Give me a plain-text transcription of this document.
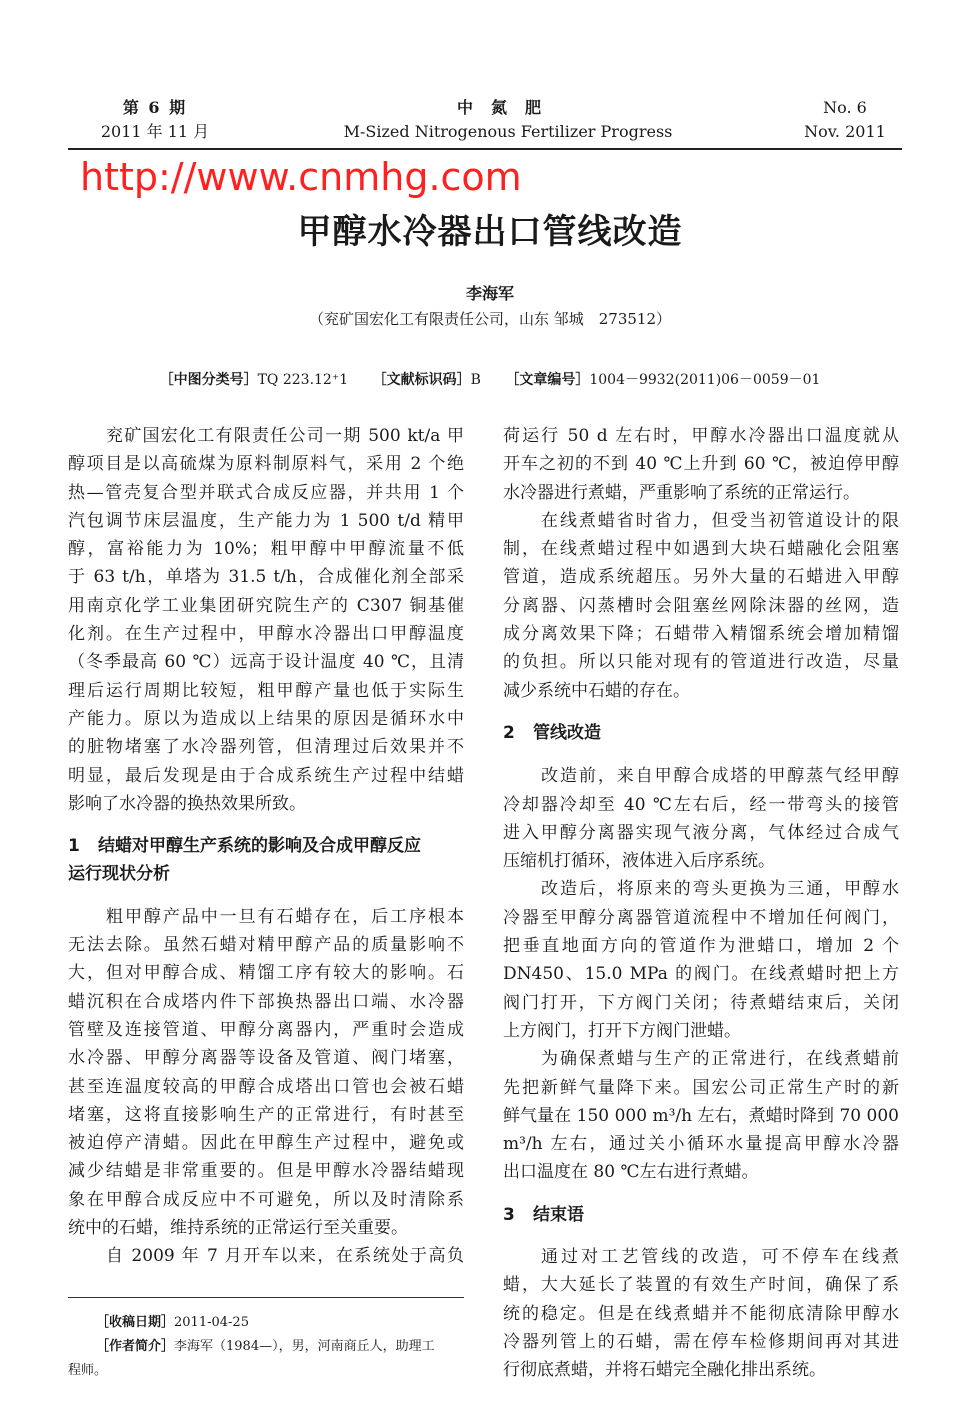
第 6 期
2011 年 11 月
中氮肥
M-Sized Nitrogenous Fertilizer Progress
No. 6
Nov. 2011
http://www.cnmhg.com
甲醇水冷器出口管线改造
李海军
（兖矿国宏化工有限责任公司，山东 邹城　273512）
［中图分类号］TQ 223.12⁺1 ［文献标识码］B ［文章编号］1004－9932(2011)06－0059－01
兖矿国宏化工有限责任公司一期 500 kt/a 甲
醇项目是以高硫煤为原料制原料气，采用 2 个绝
热—管壳复合型并联式合成反应器，并共用 1 个
汽包调节床层温度，生产能力为 1 500 t/d 精甲
醇，富裕能力为 10%；粗甲醇中甲醇流量不低
于 63 t/h，单塔为 31.5 t/h，合成催化剂全部采
用南京化学工业集团研究院生产的 C307 铜基催
化剂。在生产过程中，甲醇水冷器出口甲醇温度
（冬季最高 60 ℃）远高于设计温度 40 ℃，且清
理后运行周期比较短，粗甲醇产量也低于实际生
产能力。原以为造成以上结果的原因是循环水中
的脏物堵塞了水冷器列管，但清理过后效果并不
明显，最后发现是由于合成系统生产过程中结蜡
影响了水冷器的换热效果所致。
1 结蜡对甲醇生产系统的影响及合成甲醇反应
运行现状分析
粗甲醇产品中一旦有石蜡存在，后工序根本
无法去除。虽然石蜡对精甲醇产品的质量影响不
大，但对甲醇合成、精馏工序有较大的影响。石
蜡沉积在合成塔内件下部换热器出口端、水冷器
管壁及连接管道、甲醇分离器内，严重时会造成
水冷器、甲醇分离器等设备及管道、阀门堵塞，
甚至连温度较高的甲醇合成塔出口管也会被石蜡
堵塞，这将直接影响生产的正常进行，有时甚至
被迫停产清蜡。因此在甲醇生产过程中，避免或
减少结蜡是非常重要的。但是甲醇水冷器结蜡现
象在甲醇合成反应中不可避免，所以及时清除系
统中的石蜡，维持系统的正常运行至关重要。
自 2009 年 7 月开车以来，在系统处于高负
［收稿日期］2011-04-25
［作者简介］李海军（1984—），男，河南商丘人，助理工
程师。
荷运行 50 d 左右时，甲醇水冷器出口温度就从
开车之初的不到 40 ℃上升到 60 ℃，被迫停甲醇
水冷器进行煮蜡，严重影响了系统的正常运行。
在线煮蜡省时省力，但受当初管道设计的限
制，在线煮蜡过程中如遇到大块石蜡融化会阻塞
管道，造成系统超压。另外大量的石蜡进入甲醇
分离器、闪蒸槽时会阻塞丝网除沫器的丝网，造
成分离效果下降；石蜡带入精馏系统会增加精馏
的负担。所以只能对现有的管道进行改造，尽量
减少系统中石蜡的存在。
2 管线改造
改造前，来自甲醇合成塔的甲醇蒸气经甲醇
冷却器冷却至 40 ℃左右后，经一带弯头的接管
进入甲醇分离器实现气液分离，气体经过合成气
压缩机打循环，液体进入后序系统。
改造后，将原来的弯头更换为三通，甲醇水
冷器至甲醇分离器管道流程中不增加任何阀门，
把垂直地面方向的管道作为泄蜡口，增加 2 个
DN450、15.0 MPa 的阀门。在线煮蜡时把上方
阀门打开，下方阀门关闭；待煮蜡结束后，关闭
上方阀门，打开下方阀门泄蜡。
为确保煮蜡与生产的正常进行，在线煮蜡前
先把新鲜气量降下来。国宏公司正常生产时的新
鲜气量在 150 000 m³/h 左右，煮蜡时降到 70 000
m³/h 左右，通过关小循环水量提高甲醇水冷器
出口温度在 80 ℃左右进行煮蜡。
3 结束语
通过对工艺管线的改造，可不停车在线煮
蜡，大大延长了装置的有效生产时间，确保了系
统的稳定。但是在线煮蜡并不能彻底清除甲醇水
冷器列管上的石蜡，需在停车检修期间再对其进
行彻底煮蜡，并将石蜡完全融化排出系统。
